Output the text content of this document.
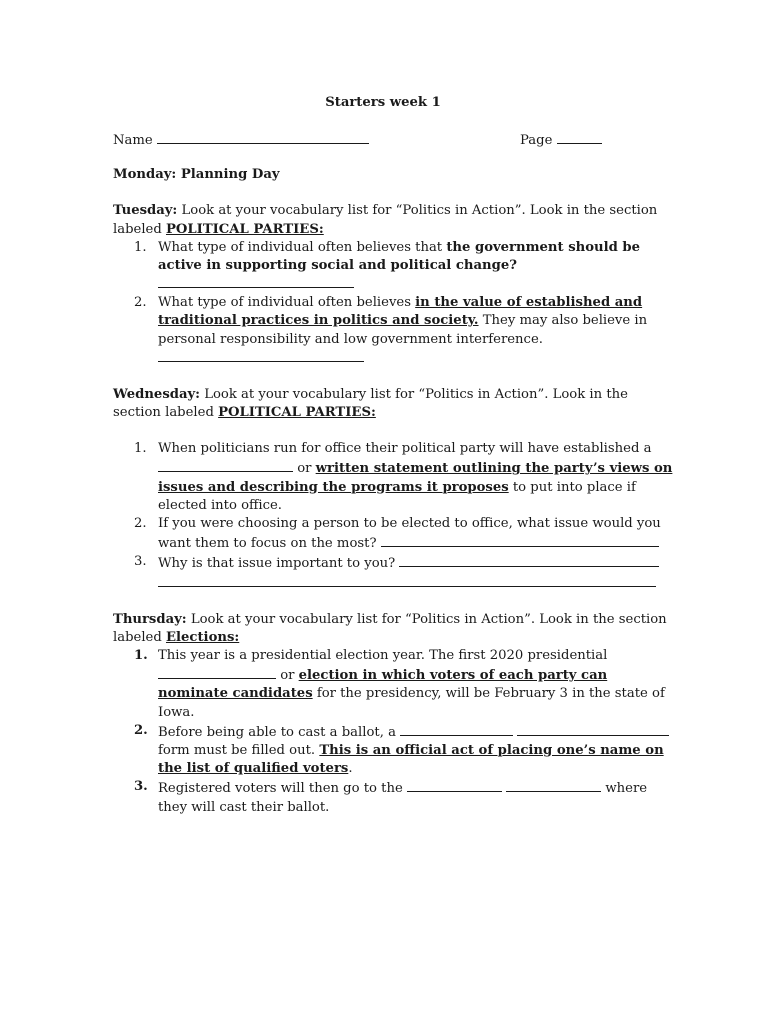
Starters week 1

Name	Page

Monday: Planning Day

Tuesday: Look at your vocabulary list for “Politics in Action”. Look in the section labeled POLITICAL PARTIES:

1. What type of individual often believes that the government should be active in supporting social and political change?
2. What type of individual often believes in the value of established and traditional practices in politics and society. They may also believe in personal responsibility and low government interference.

Wednesday: Look at your vocabulary list for “Politics in Action”. Look in the section labeled POLITICAL PARTIES:

1. When politicians run for office their political party will have established a  or written statement outlining the party’s views on issues and describing the programs it proposes to put into place if elected into office.
2. If you were choosing a person to be elected to office, what issue would you want them to focus on the most?
3. Why is that issue important to you?

Thursday: Look at your vocabulary list for “Politics in Action”. Look in the section labeled Elections:

1. This year is a presidential election year. The first 2020 presidential  or election in which voters of each party can nominate candidates for the presidency, will be February 3 in the state of Iowa.
2. Before being able to cast a ballot, a   form must be filled out. This is an official act of placing one’s name on the list of qualified voters.
3. Registered voters will then go to the	where they will cast their ballot.
